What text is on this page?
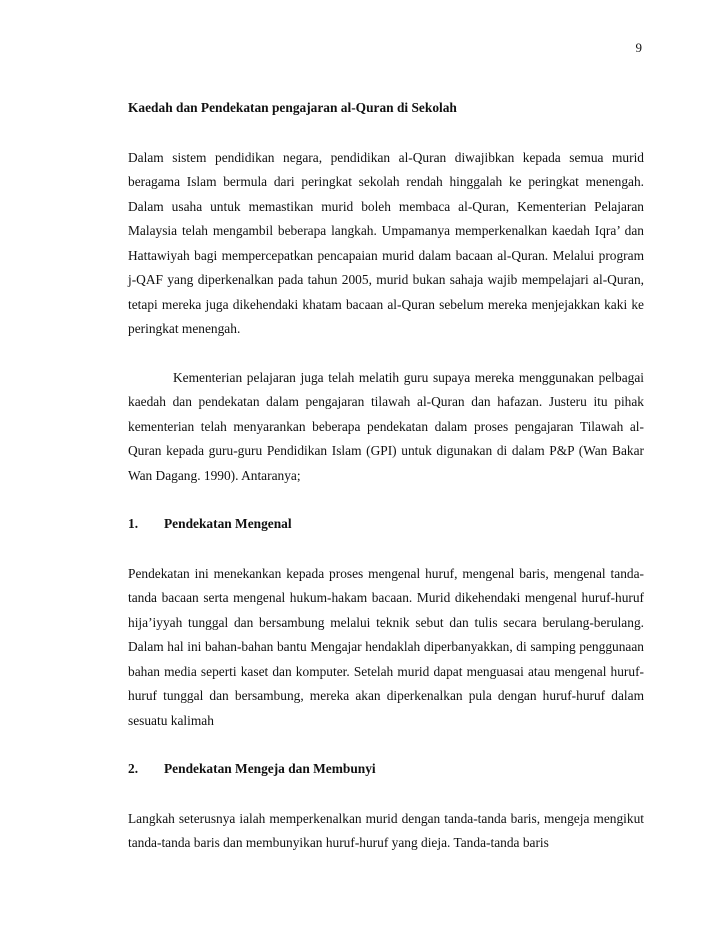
9

Kaedah dan Pendekatan pengajaran al-Quran di Sekolah

Dalam sistem pendidikan negara, pendidikan al-Quran diwajibkan kepada semua murid beragama Islam bermula dari peringkat sekolah rendah hinggalah ke peringkat menengah. Dalam usaha untuk memastikan murid boleh membaca al-Quran, Kementerian Pelajaran Malaysia telah mengambil beberapa langkah. Umpamanya memperkenalkan kaedah Iqra’ dan Hattawiyah bagi mempercepatkan pencapaian murid dalam bacaan al-Quran. Melalui program j-QAF yang diperkenalkan pada tahun 2005, murid bukan sahaja wajib mempelajari al-Quran, tetapi mereka juga dikehendaki khatam bacaan al-Quran sebelum mereka menjejakkan kaki ke peringkat menengah.

Kementerian pelajaran juga telah melatih guru supaya mereka menggunakan pelbagai kaedah dan pendekatan dalam pengajaran tilawah al-Quran dan hafazan. Justeru itu pihak kementerian telah menyarankan beberapa pendekatan dalam proses pengajaran Tilawah al-Quran kepada guru-guru Pendidikan Islam (GPI) untuk digunakan di dalam P&P (Wan Bakar Wan Dagang. 1990). Antaranya;

1.	Pendekatan Mengenal

Pendekatan ini menekankan kepada proses mengenal huruf, mengenal baris, mengenal tanda-tanda bacaan serta mengenal hukum-hakam bacaan. Murid dikehendaki mengenal huruf-huruf hija’iyyah tunggal dan bersambung melalui teknik sebut dan tulis secara berulang-berulang. Dalam hal ini bahan-bahan bantu Mengajar hendaklah diperbanyakkan, di samping penggunaan bahan media seperti kaset dan komputer. Setelah murid dapat menguasai atau mengenal huruf-huruf tunggal dan bersambung, mereka akan diperkenalkan pula dengan huruf-huruf dalam sesuatu kalimah

2.	Pendekatan Mengeja dan Membunyi

Langkah seterusnya ialah memperkenalkan murid dengan tanda-tanda baris, mengeja mengikut tanda-tanda baris dan membunyikan huruf-huruf yang dieja. Tanda-tanda baris
